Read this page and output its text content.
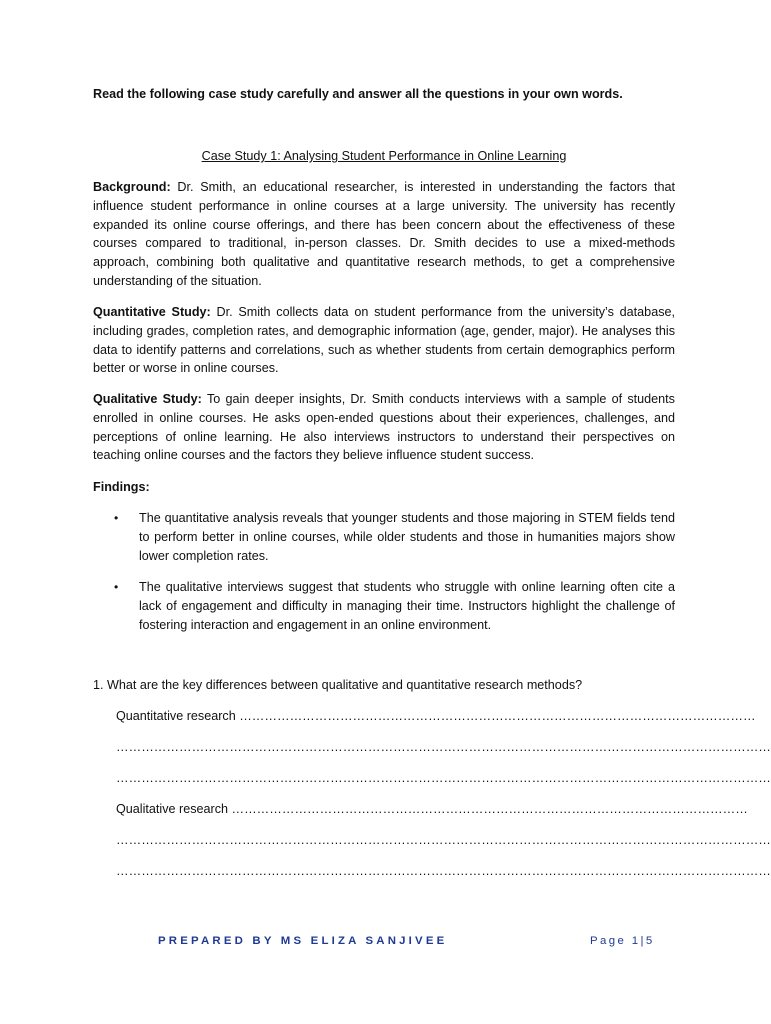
Read the following case study carefully and answer all the questions in your own words.
Case Study 1: Analysing Student Performance in Online Learning

Background: Dr. Smith, an educational researcher, is interested in understanding the factors that influence student performance in online courses at a large university. The university has recently expanded its online course offerings, and there has been concern about the effectiveness of these courses compared to traditional, in-person classes. Dr. Smith decides to use a mixed-methods approach, combining both qualitative and quantitative research methods, to get a comprehensive understanding of the situation.

Quantitative Study: Dr. Smith collects data on student performance from the university’s database, including grades, completion rates, and demographic information (age, gender, major). He analyses this data to identify patterns and correlations, such as whether students from certain demographics perform better or worse in online courses.

Qualitative Study: To gain deeper insights, Dr. Smith conducts interviews with a sample of students enrolled in online courses. He asks open-ended questions about their experiences, challenges, and perceptions of online learning. He also interviews instructors to understand their perspectives on teaching online courses and the factors they believe influence student success.

Findings:
• The quantitative analysis reveals that younger students and those majoring in STEM fields tend to perform better in online courses, while older students and those in humanities majors show lower completion rates.

• The qualitative interviews suggest that students who struggle with online learning often cite a lack of engagement and difficulty in managing their time. Instructors highlight the challenge of fostering interaction and engagement in an online environment.

1. What are the key differences between qualitative and quantitative research methods?
Quantitative research ……………………………………………………………………………………………………………
…………………………………………………………………………………………………………………………………………
…………………………………………………………………………………………………………………………………………
Qualitative research ……………………………………………………………………………………………………………
…………………………………………………………………………………………………………………………………………
…………………………………………………………………………………………………………………………………………
PREPARED BY MS ELIZA SANJIVEE	Page 1|5
